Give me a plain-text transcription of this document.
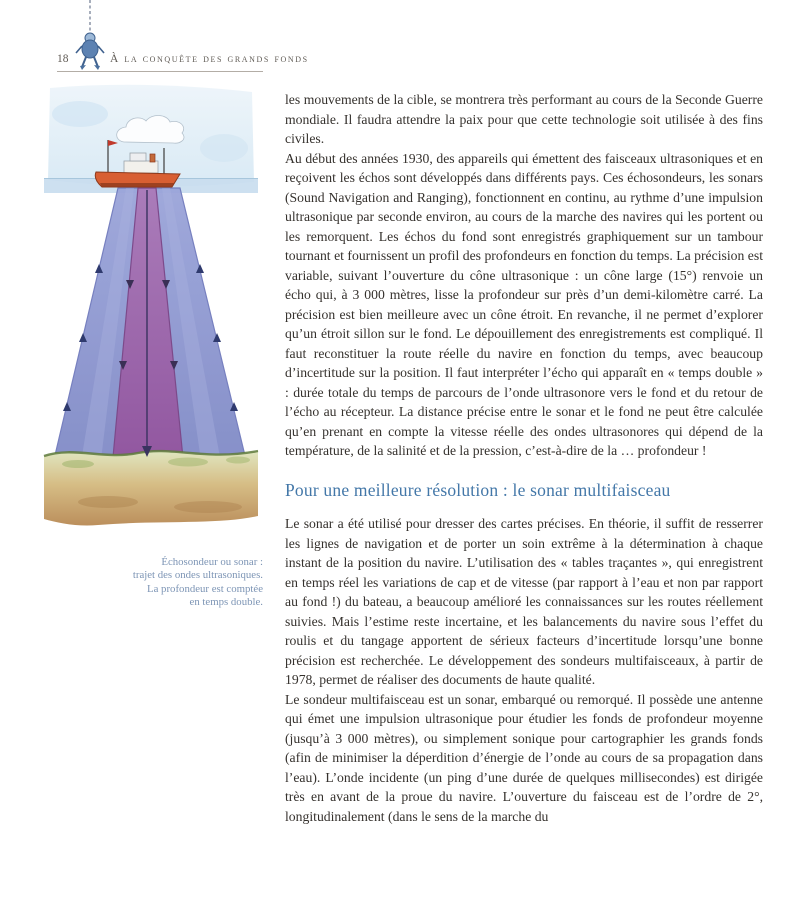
18	À la conquête des grands fonds
Échosondeur ou sonar :
trajet des ondes ultrasoniques.
La profondeur est comptée
en temps double.

les mouvements de la cible, se montrera très performant au cours de la Seconde Guerre mondiale. Il faudra attendre la paix pour que cette technologie soit utilisée à des fins civiles.

Au début des années 1930, des appareils qui émettent des faisceaux ultrasoniques et en reçoivent les échos sont développés dans différents pays. Ces échosondeurs, les sonars (Sound Navigation and Ranging), fonctionnent en continu, au rythme d’une impulsion ultrasonique par seconde environ, au cours de la marche des navires qui les portent ou les remorquent. Les échos du fond sont enregistrés graphiquement sur un tambour tournant et fournissent un profil des profondeurs en fonction du temps. La précision est variable, suivant l’ouverture du cône ultrasonique : un cône large (15°) renvoie un écho qui, à 3 000 mètres, lisse la profondeur sur près d’un demi-kilomètre carré. La précision est bien meilleure avec un cône étroit. En revanche, il ne permet d’explorer qu’un étroit sillon sur le fond. Le dépouillement des enregistrements est compliqué. Il faut reconstituer la route réelle du navire en fonction du temps, avec beaucoup d’incertitude sur la position. Il faut interpréter l’écho qui apparaît en « temps double » : durée totale du temps de parcours de l’onde ultrasonore vers le fond et du retour de l’écho au récepteur. La distance précise entre le sonar et le fond ne peut être calculée qu’en prenant en compte la vitesse réelle des ondes ultrasonores qui dépend de la température, de la salinité et de la pression, c’est-à-dire de la … profondeur !

Pour une meilleure résolution : le sonar multifaisceau

Le sonar a été utilisé pour dresser des cartes précises. En théorie, il suffit de resserrer les lignes de navigation et de porter un soin extrême à la détermination à chaque instant de la position du navire. L’utilisation des « tables traçantes », qui enregistrent en temps réel les variations de cap et de vitesse (par rapport à l’eau et non par rapport au fond !) du bateau, a beaucoup amélioré les connaissances sur les routes réellement suivies. Mais l’estime reste incertaine, et les balancements du navire sous l’effet du roulis et du tangage apportent de sérieux facteurs d’incertitude lorsqu’une bonne précision est recherchée. Le développement des sondeurs multifaisceaux, à partir de 1978, permet de réaliser des documents de haute qualité.

Le sondeur multifaisceau est un sonar, embarqué ou remorqué. Il possède une antenne qui émet une impulsion ultrasonique pour étudier les fonds de profondeur moyenne (jusqu’à 3 000 mètres), ou simplement sonique pour cartographier les grands fonds (afin de minimiser la déperdition d’énergie de l’onde au cours de sa propagation dans l’eau). L’onde incidente (un ping d’une durée de quelques millisecondes) est dirigée très en avant de la proue du navire. L’ouverture du faisceau est de l’ordre de 2°, longitudinalement (dans le sens de la marche du
